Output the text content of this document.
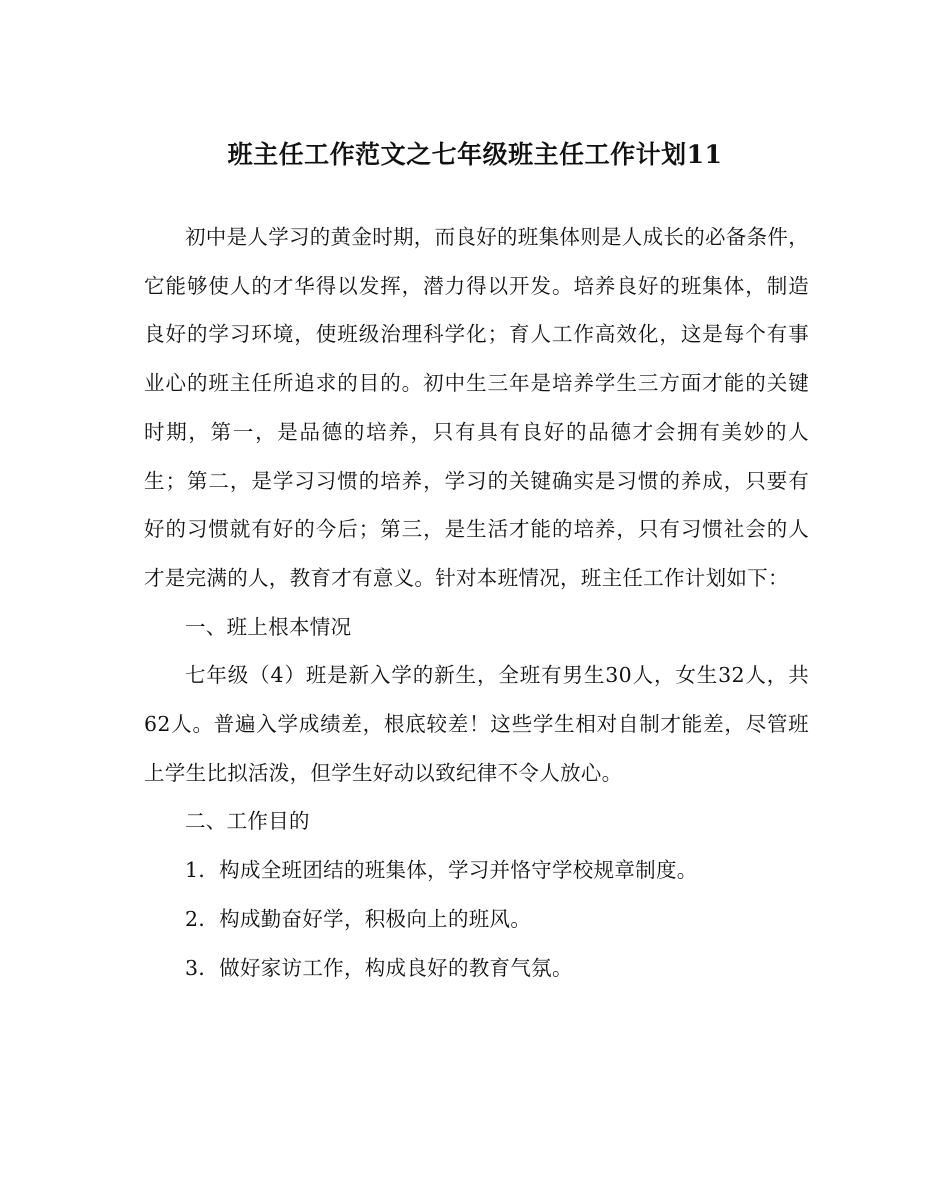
班主任工作范文之七年级班主任工作计划11

初中是人学习的黄金时期，而良好的班集体则是人成长的必备条件，它能够使人的才华得以发挥，潜力得以开发。培养良好的班集体，制造良好的学习环境，使班级治理科学化；育人工作高效化，这是每个有事业心的班主任所追求的目的。初中生三年是培养学生三方面才能的关键时期，第一，是品德的培养，只有具有良好的品德才会拥有美妙的人生；第二，是学习习惯的培养，学习的关键确实是习惯的养成，只要有好的习惯就有好的今后；第三，是生活才能的培养，只有习惯社会的人才是完满的人，教育才有意义。针对本班情况，班主任工作计划如下：

一、班上根本情况

七年级（4）班是新入学的新生，全班有男生30人，女生32人，共62人。普遍入学成绩差，根底较差！这些学生相对自制才能差，尽管班上学生比拟活泼，但学生好动以致纪律不令人放心。

二、工作目的

1．构成全班团结的班集体，学习并恪守学校规章制度。

2．构成勤奋好学，积极向上的班风。

3．做好家访工作，构成良好的教育气氛。
